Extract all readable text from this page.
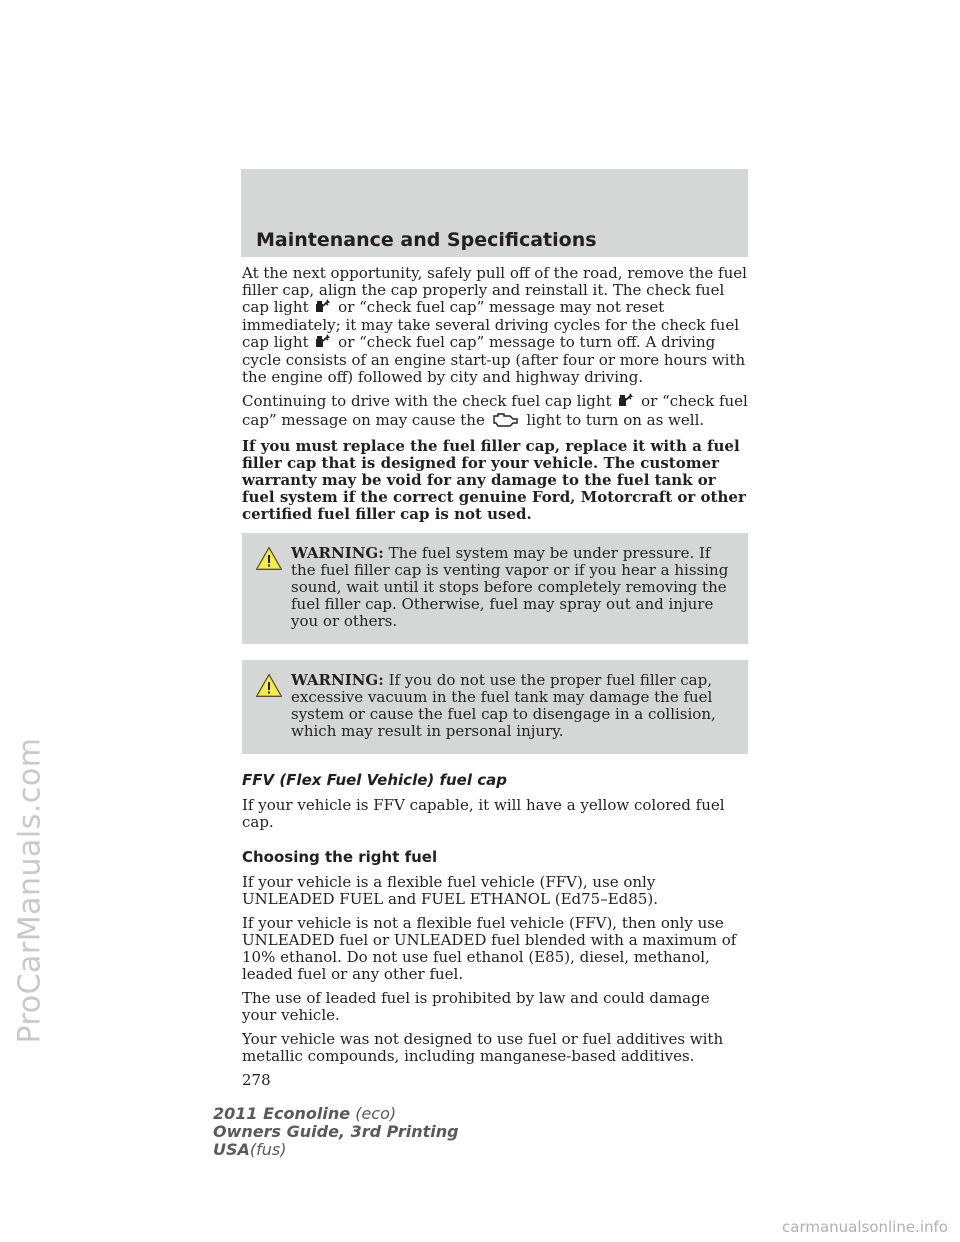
ProCarManuals.com
Maintenance and Specifications

At the next opportunity, safely pull off of the road, remove the fuel filler cap, align the cap properly and reinstall it. The check fuel cap light or “check fuel cap” message may not reset immediately; it may take several driving cycles for the check fuel cap light or “check fuel cap” message to turn off. A driving cycle consists of an engine start-up (after four or more hours with the engine off) followed by city and highway driving.

Continuing to drive with the check fuel cap light or “check fuel cap” message on may cause the	light to turn on as well.

If you must replace the fuel filler cap, replace it with a fuel filler cap that is designed for your vehicle. The customer warranty may be void for any damage to the fuel tank or fuel system if the correct genuine Ford, Motorcraft or other certified fuel filler cap is not used.

WARNING: The fuel system may be under pressure. If the fuel filler cap is venting vapor or if you hear a hissing sound, wait until it stops before completely removing the fuel filler cap. Otherwise, fuel may spray out and injure you or others.
WARNING: If you do not use the proper fuel filler cap, excessive vacuum in the fuel tank may damage the fuel system or cause the fuel cap to disengage in a collision, which may result in personal injury.
FFV (Flex Fuel Vehicle) fuel cap

If your vehicle is FFV capable, it will have a yellow colored fuel cap.

Choosing the right fuel

If your vehicle is a flexible fuel vehicle (FFV), use only UNLEADED FUEL and FUEL ETHANOL (Ed75–Ed85).

If your vehicle is not a flexible fuel vehicle (FFV), then only use UNLEADED fuel or UNLEADED fuel blended with a maximum of 10% ethanol. Do not use fuel ethanol (E85), diesel, methanol, leaded fuel or any other fuel.

The use of leaded fuel is prohibited by law and could damage your vehicle.

Your vehicle was not designed to use fuel or fuel additives with metallic compounds, including manganese-based additives.

278
2011 Econoline (eco)
Owners Guide, 3rd Printing
USA(fus)
carmanualsonline.info
